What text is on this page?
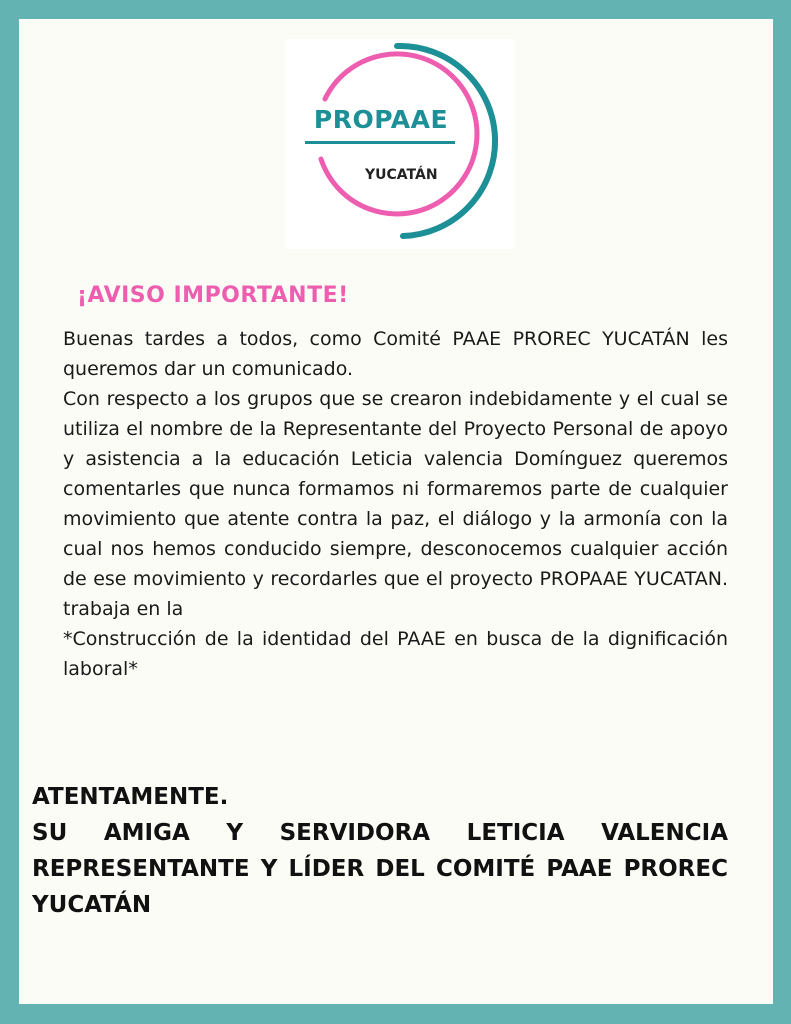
PROPAAE
YUCATÁN
¡AVISO IMPORTANTE!

Buenas tardes a todos, como Comité PAAE PROREC YUCATÁN les queremos dar un comunicado.

Con respecto a los grupos que se crearon indebidamente y el cual se utiliza el nombre de la Representante del Proyecto Personal de apoyo y asistencia a la educación Leticia valencia Domínguez queremos comentarles que nunca formamos ni formaremos parte de cualquier movimiento que atente contra la paz, el diálogo y la armonía con la cual nos hemos conducido siempre, desconocemos cualquier acción de ese movimiento y recordarles que el proyecto PROPAAE YUCATAN. trabaja en la

*Construcción de la identidad del PAAE en busca de la dignificación laboral*

ATENTAMENTE.

SU AMIGA Y SERVIDORA LETICIA VALENCIA REPRESENTANTE Y LÍDER DEL COMITÉ PAAE PROREC YUCATÁN
